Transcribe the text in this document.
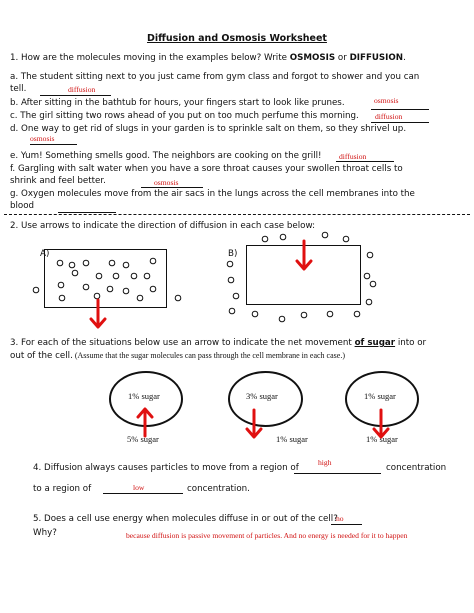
Diffusion and Osmosis Worksheet
1. How are the molecules moving in the examples below? Write OSMOSIS or DIFFUSION.
a. The student sitting next to you just came from gym class and forgot to shower and you can
tell.	diffusion
b. After sitting in the bathtub for hours, your fingers start to look like prunes.	osmosis
c. The girl sitting two rows ahead of you put on too much perfume this morning. diffusion
d. One way to get rid of slugs in your garden is to sprinkle salt on them, so they shrivel up.
osmosis
e. Yum! Something smells good. The neighbors are cooking on the grill! diffusion
f. Gargling with salt water when you have a sore throat causes your swollen throat cells to
shrink and feel better.	osmosis
g. Oxygen molecules move from the air sacs in the lungs across the cell membranes into the
blood
2. Use arrows to indicate the direction of diffusion in each case below:
A)	B)
3. For each of the situations below use an arrow to indicate the net movement of sugar into or
out of the cell. (Assume that the sugar molecules can pass through the cell membrane in each case.)
1% sugar
5% sugar
3% sugar
1% sugar
1% sugar
1% sugar
4. Diffusion always causes particles to move from a region of
high
concentration
to a region of	low	concentration.
5. Does a cell use energy when molecules diffuse in or out of the cell?
no
Why?	because diffusion is passive movement of particles. And no energy is needed for it to happen
